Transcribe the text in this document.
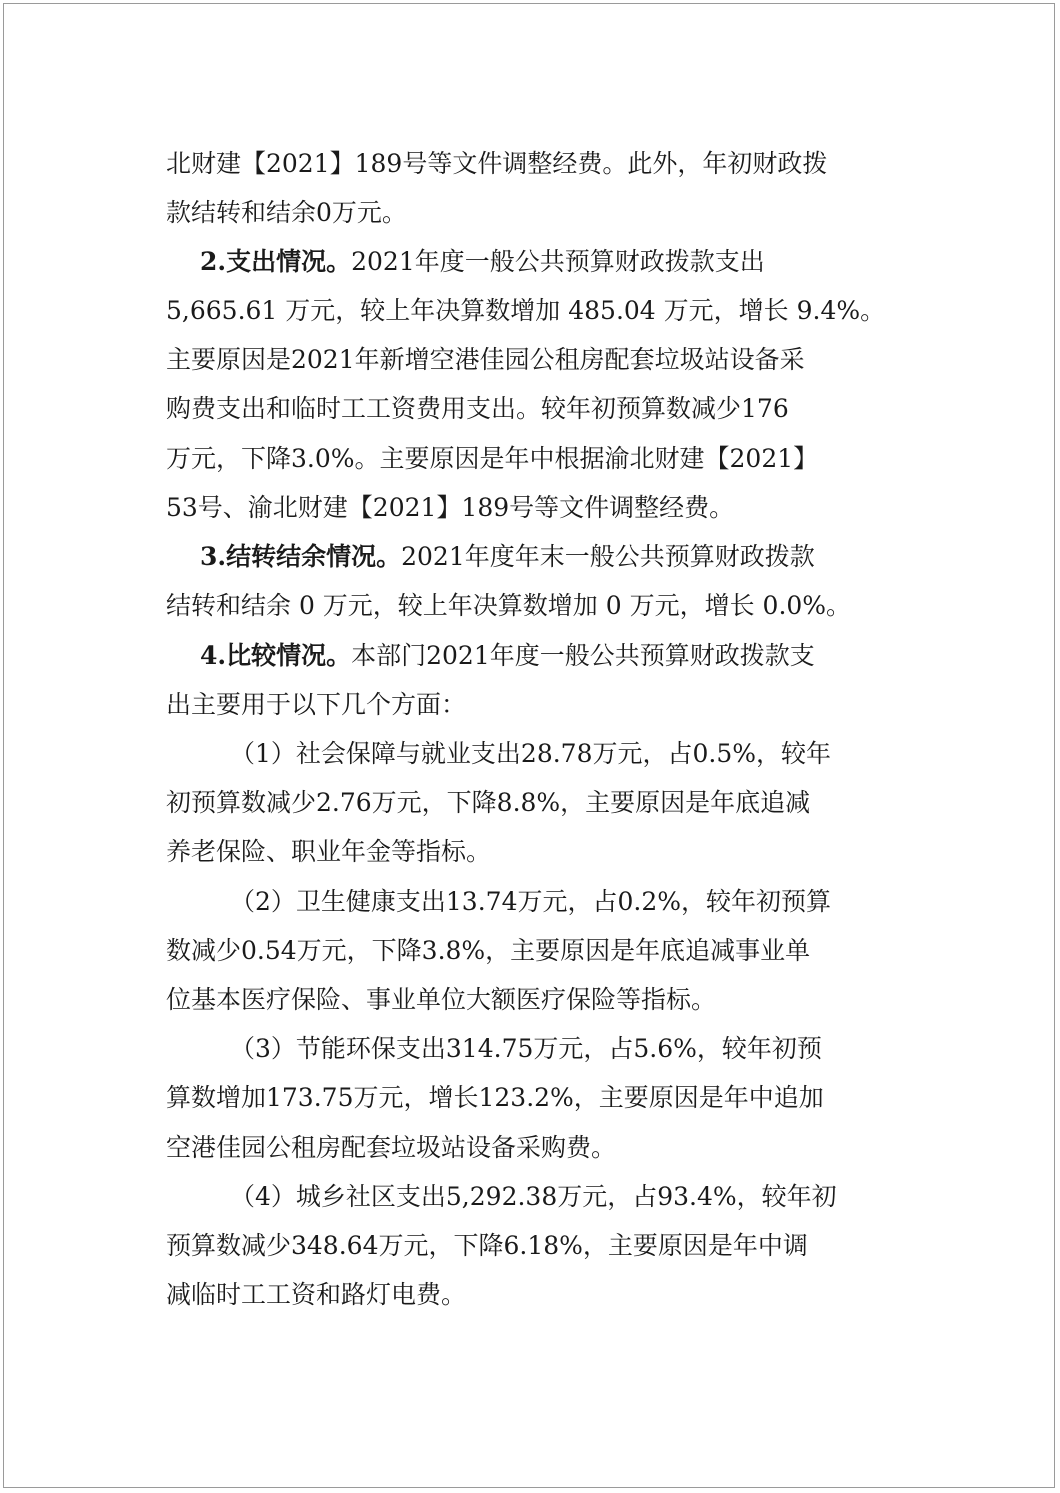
北财建【2021】189号等文件调整经费。此外，年初财政拨
款结转和结余0万元。
2.支出情况。2021年度一般公共预算财政拨款支出
5,665.61 万元，较上年决算数增加 485.04 万元，增长 9.4%。
主要原因是2021年新增空港佳园公租房配套垃圾站设备采
购费支出和临时工工资费用支出。较年初预算数减少176
万元，下降3.0%。主要原因是年中根据渝北财建【2021】
53号、渝北财建【2021】189号等文件调整经费。
3.结转结余情况。2021年度年末一般公共预算财政拨款
结转和结余 0 万元，较上年决算数增加 0 万元，增长 0.0%。
4.比较情况。本部门2021年度一般公共预算财政拨款支
出主要用于以下几个方面：
（1）社会保障与就业支出28.78万元，占0.5%，较年
初预算数减少2.76万元，下降8.8%，主要原因是年底追减
养老保险、职业年金等指标。
（2）卫生健康支出13.74万元，占0.2%，较年初预算
数减少0.54万元，下降3.8%，主要原因是年底追减事业单
位基本医疗保险、事业单位大额医疗保险等指标。
（3）节能环保支出314.75万元，占5.6%，较年初预
算数增加173.75万元，增长123.2%，主要原因是年中追加
空港佳园公租房配套垃圾站设备采购费。
（4）城乡社区支出5,292.38万元，占93.4%，较年初
预算数减少348.64万元，下降6.18%，主要原因是年中调
减临时工工资和路灯电费。
